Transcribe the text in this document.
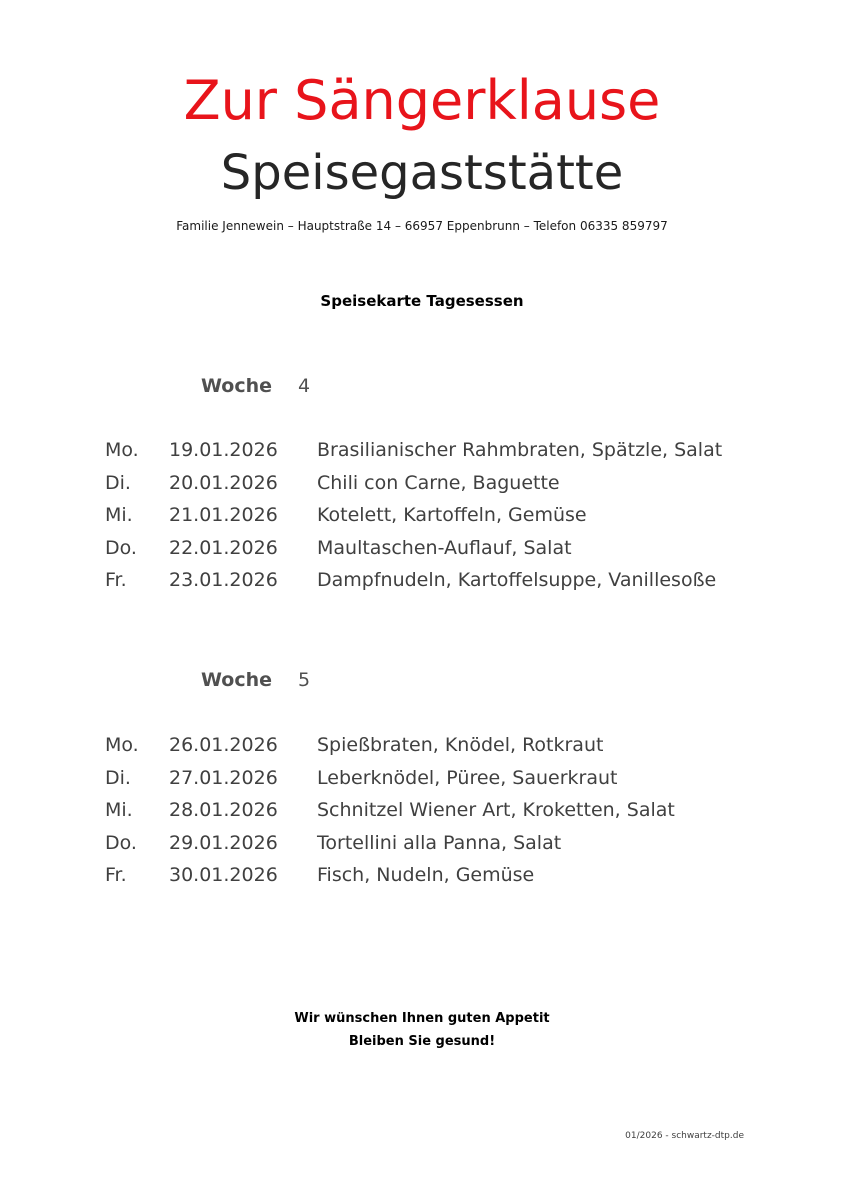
Zur Sängerklause
Speisegaststätte
Familie Jennewein – Hauptstraße 14 – 66957 Eppenbrunn – Telefon 06335 859797
Speisekarte Tagesessen
Woche 4
Mo. 19.01.2026 Brasilianischer Rahmbraten, Spätzle, Salat
Di. 20.01.2026 Chili con Carne, Baguette
Mi. 21.01.2026 Kotelett, Kartoffeln, Gemüse
Do. 22.01.2026 Maultaschen-Auflauf, Salat
Fr. 23.01.2026 Dampfnudeln, Kartoffelsuppe, Vanillesoße
Woche 5
Mo. 26.01.2026 Spießbraten, Knödel, Rotkraut
Di. 27.01.2026 Leberknödel, Püree, Sauerkraut
Mi. 28.01.2026 Schnitzel Wiener Art, Kroketten, Salat
Do. 29.01.2026 Tortellini alla Panna, Salat
Fr. 30.01.2026 Fisch, Nudeln, Gemüse
Wir wünschen Ihnen guten Appetit
Bleiben Sie gesund!
01/2026 - schwartz-dtp.de
